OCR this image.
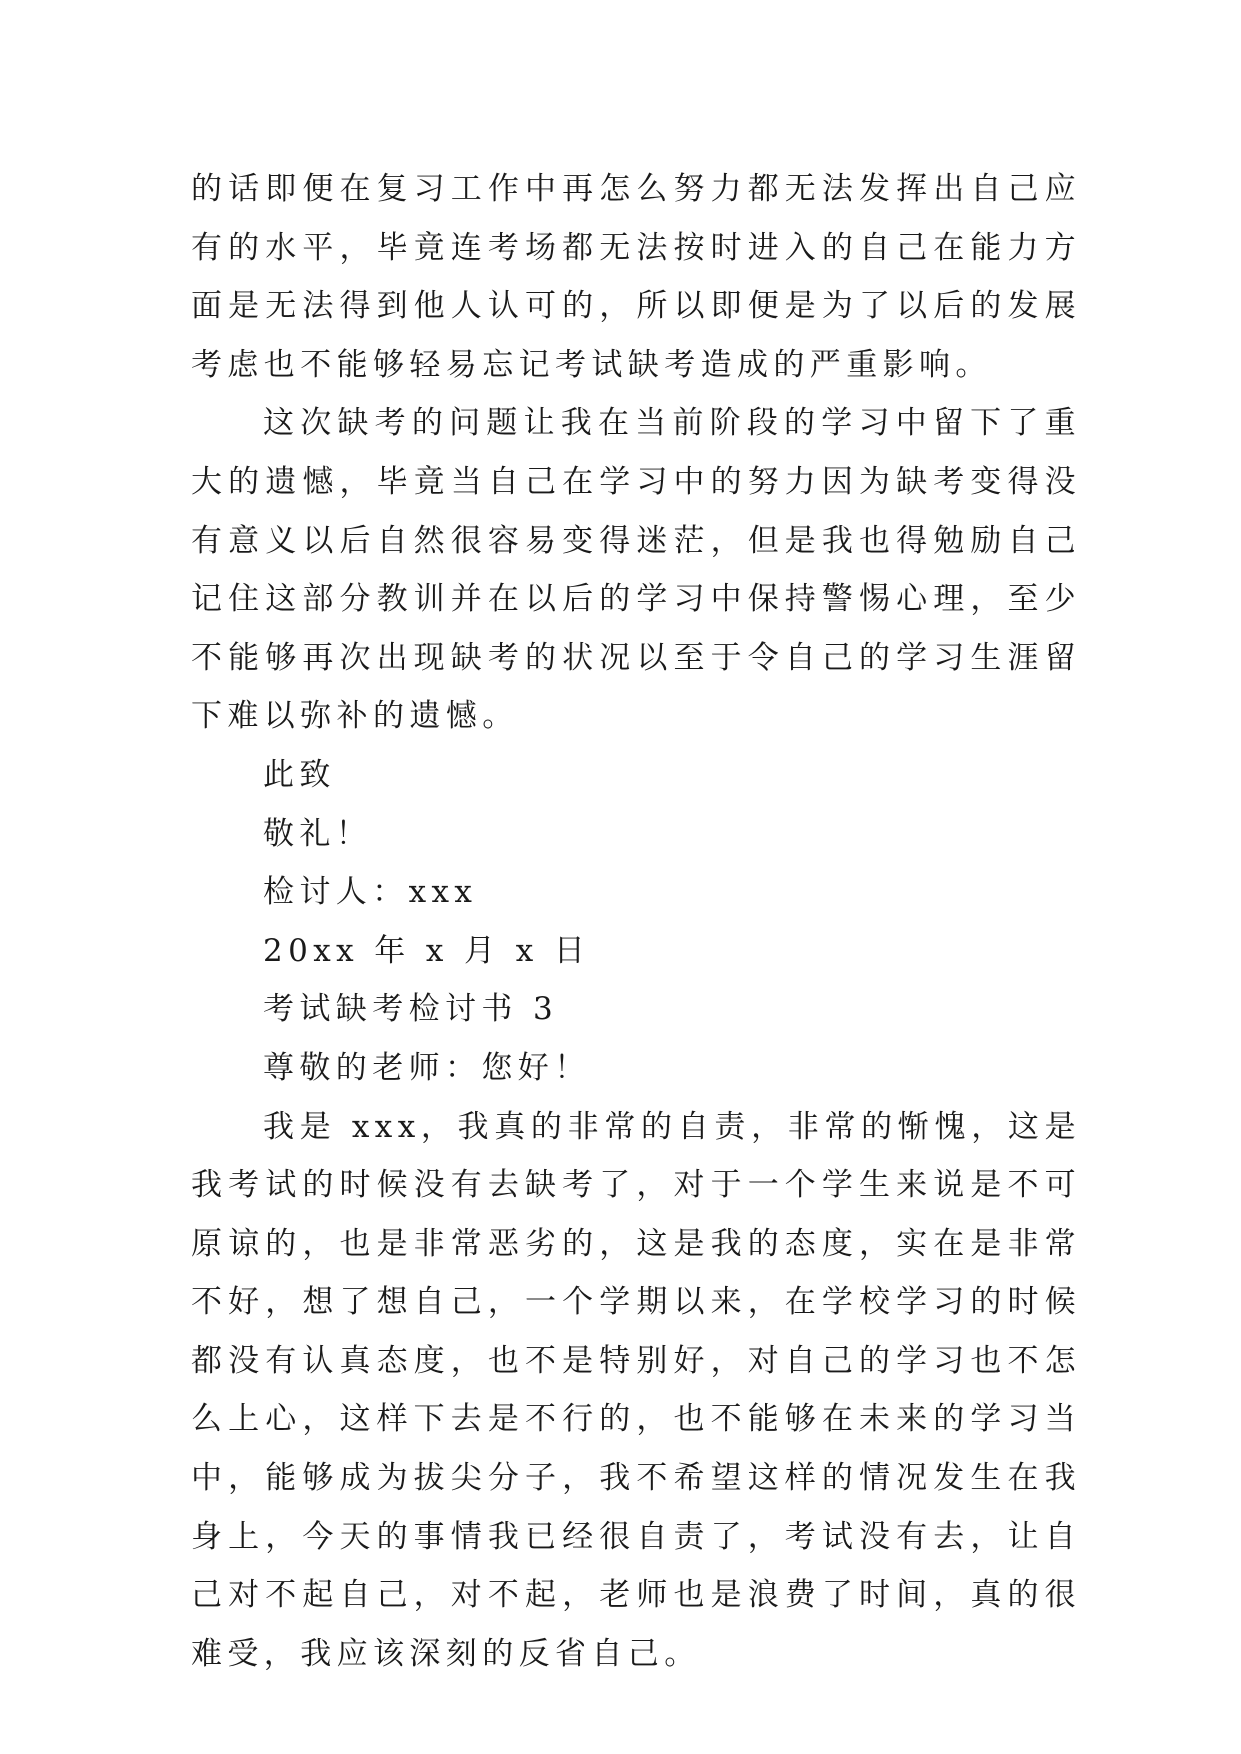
的话即便在复习工作中再怎么努力都无法发挥出自己应有的水平，毕竟连考场都无法按时进入的自己在能力方面是无法得到他人认可的，所以即便是为了以后的发展考虑也不能够轻易忘记考试缺考造成的严重影响。

这次缺考的问题让我在当前阶段的学习中留下了重大的遗憾，毕竟当自己在学习中的努力因为缺考变得没有意义以后自然很容易变得迷茫，但是我也得勉励自己记住这部分教训并在以后的学习中保持警惕心理，至少不能够再次出现缺考的状况以至于令自己的学习生涯留下难以弥补的遗憾。

此致

敬礼！

检讨人：xxx

20xx 年 x 月 x 日

考试缺考检讨书 3

尊敬的老师：您好！

我是 xxx，我真的非常的自责，非常的惭愧，这是我考试的时候没有去缺考了，对于一个学生来说是不可原谅的，也是非常恶劣的，这是我的态度，实在是非常不好，想了想自己，一个学期以来，在学校学习的时候都没有认真态度，也不是特别好，对自己的学习也不怎么上心，这样下去是不行的，也不能够在未来的学习当中，能够成为拔尖分子，我不希望这样的情况发生在我身上，今天的事情我已经很自责了，考试没有去，让自己对不起自己，对不起，老师也是浪费了时间，真的很难受，我应该深刻的反省自己。
